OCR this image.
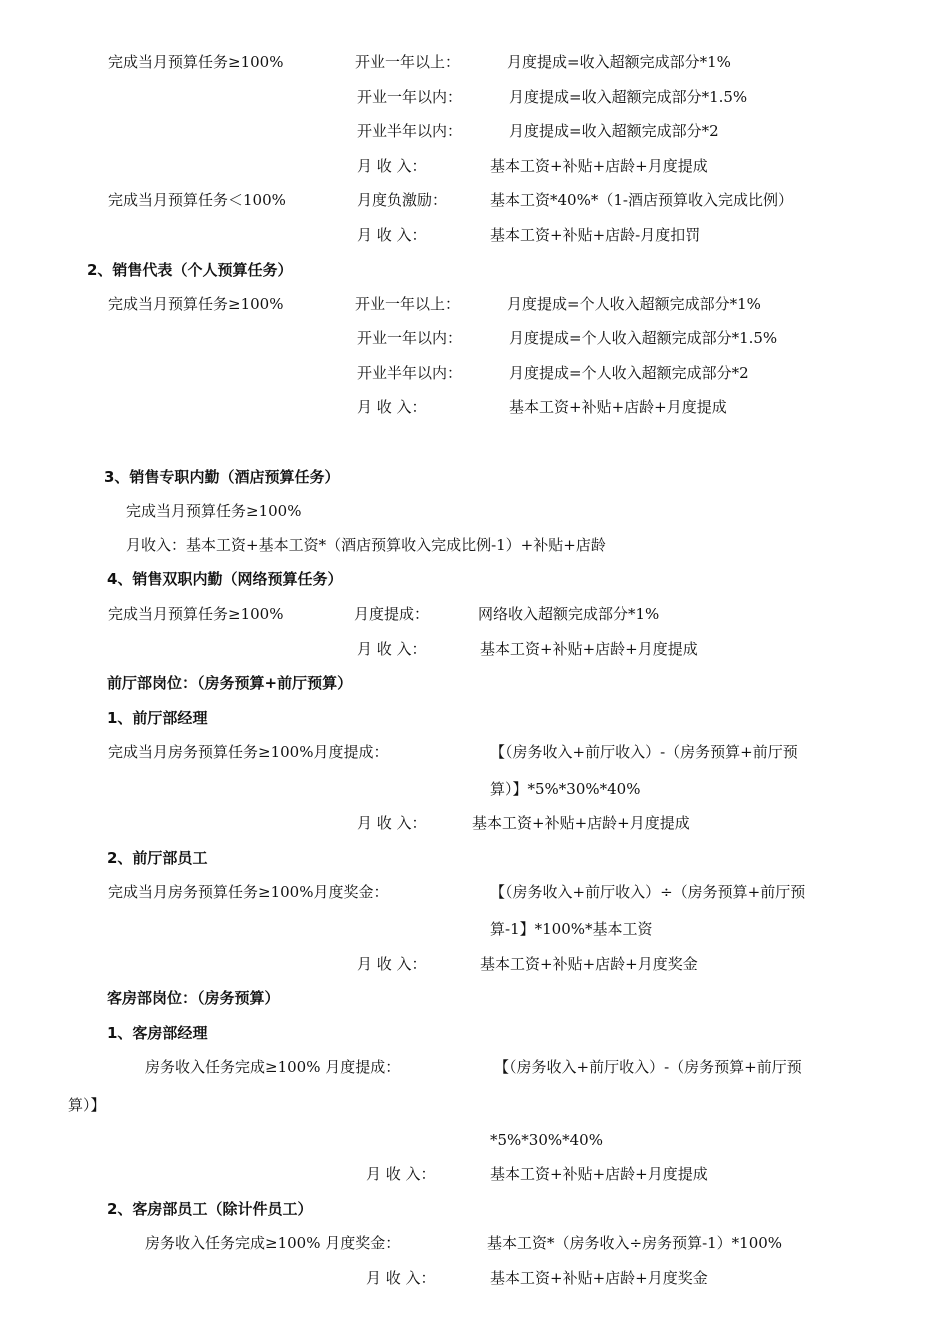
完成当月预算任务≥100%	开业一年以上：	月度提成=收入超额完成部分*1%
开业一年以内：	月度提成=收入超额完成部分*1.5%
开业半年以内：	月度提成=收入超额完成部分*2
月 收 入：	基本工资+补贴+店龄+月度提成
完成当月预算任务＜100%	月度负激励：	基本工资*40%*（1-酒店预算收入完成比例）
月 收 入：	基本工资+补贴+店龄-月度扣罚
2、销售代表（个人预算任务）
完成当月预算任务≥100%	开业一年以上：	月度提成=个人收入超额完成部分*1%
开业一年以内：	月度提成=个人收入超额完成部分*1.5%
开业半年以内：	月度提成=个人收入超额完成部分*2
月 收 入：	基本工资+补贴+店龄+月度提成
3、销售专职内勤（酒店预算任务）
完成当月预算任务≥100%
月收入：基本工资+基本工资*（酒店预算收入完成比例-1）+补贴+店龄
4、销售双职内勤（网络预算任务）
完成当月预算任务≥100%	月度提成：	网络收入超额完成部分*1%
月 收 入：	基本工资+补贴+店龄+月度提成
前厅部岗位：（房务预算+前厅预算）
1、前厅部经理
完成当月房务预算任务≥100%月度提成：	【（房务收入+前厅收入）-（房务预算+前厅预
算）】*5%*30%*40%
月 收 入：	基本工资+补贴+店龄+月度提成
2、前厅部员工
完成当月房务预算任务≥100%月度奖金：	【（房务收入+前厅收入）÷（房务预算+前厅预
算-1】*100%*基本工资
月 收 入：	基本工资+补贴+店龄+月度奖金
客房部岗位：（房务预算）
1、客房部经理
房务收入任务完成≥100% 月度提成：	【（房务收入+前厅收入）-（房务预算+前厅预
算）】
*5%*30%*40%
月 收 入：	基本工资+补贴+店龄+月度提成
2、客房部员工（除计件员工）
房务收入任务完成≥100% 月度奖金：	基本工资*（房务收入÷房务预算-1）*100%
月 收 入：	基本工资+补贴+店龄+月度奖金
